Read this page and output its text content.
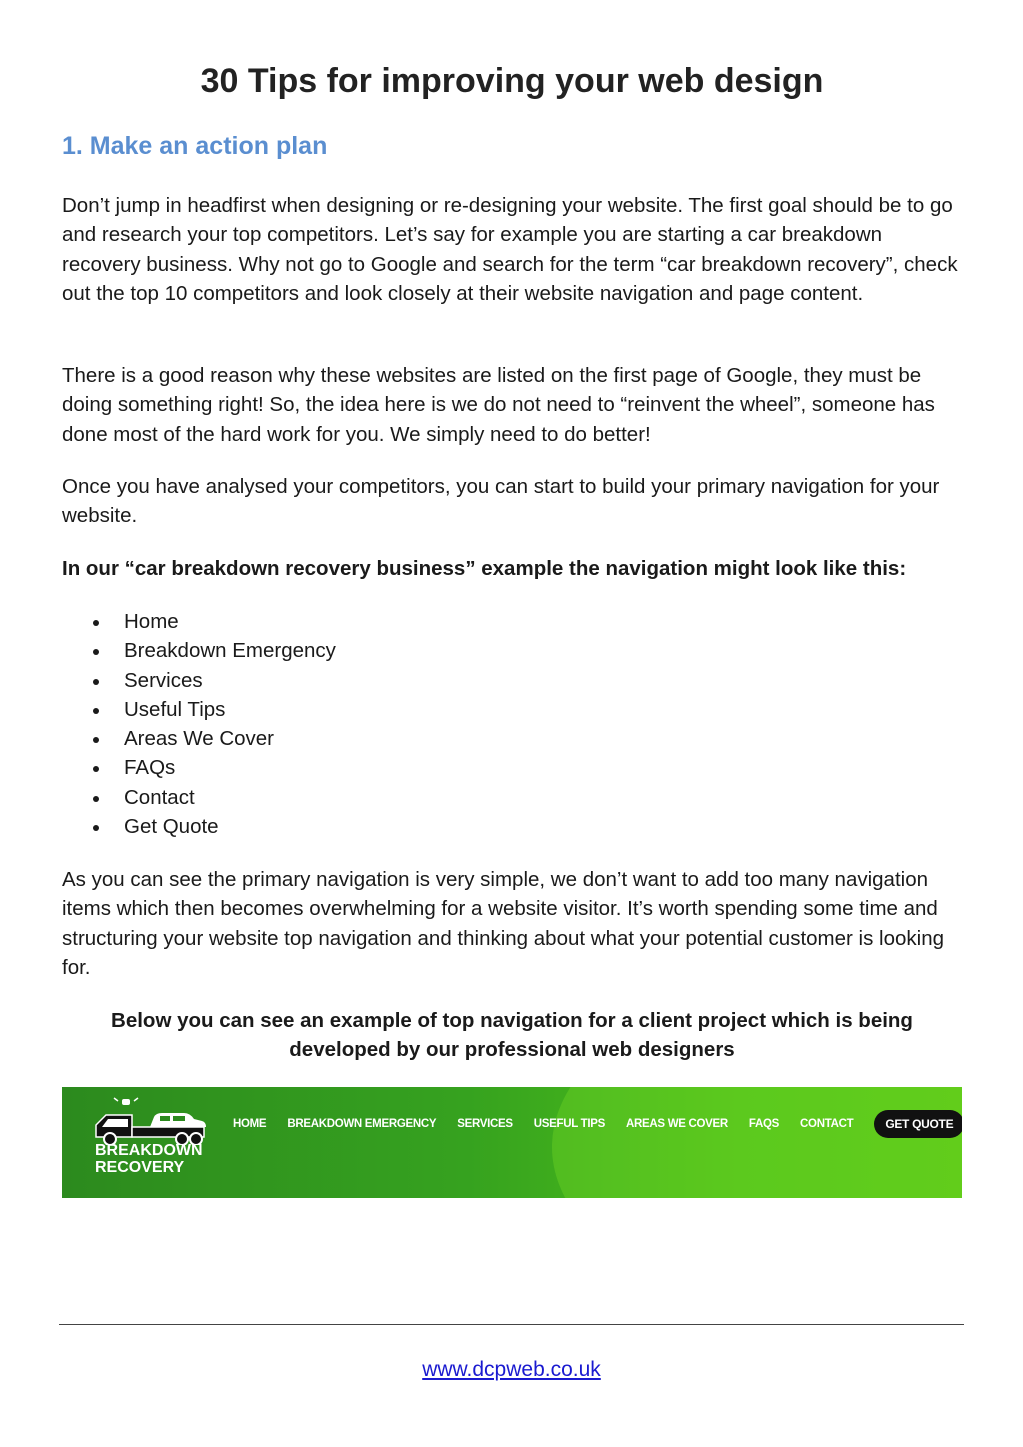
30 Tips for improving your web design
1. Make an action plan

Don’t jump in headfirst when designing or re-designing your website. The first goal should be to go and research your top competitors. Let’s say for example you are starting a car breakdown recovery business. Why not go to Google and search for the term “car breakdown recovery”, check out the top 10 competitors and look closely at their website navigation and page content.

There is a good reason why these websites are listed on the first page of Google, they must be doing something right! So, the idea here is we do not need to “reinvent the wheel”, someone has done most of the hard work for you. We simply need to do better!

Once you have analysed your competitors, you can start to build your primary navigation for your website.

In our “car breakdown recovery business” example the navigation might look like this:

Home
Breakdown Emergency
Services
Useful Tips
Areas We Cover
FAQs
Contact
Get Quote

As you can see the primary navigation is very simple, we don’t want to add too many navigation items which then becomes overwhelming for a website visitor. It’s worth spending some time and structuring your website top navigation and thinking about what your potential customer is looking for.

Below you can see an example of top navigation for a client project which is being developed by our professional web designers

BREAKDOWN
RECOVERY
HOME BREAKDOWN EMERGENCY SERVICES USEFUL TIPS AREAS WE COVER FAQS CONTACT	GET QUOTE
www.dcpweb.co.uk
